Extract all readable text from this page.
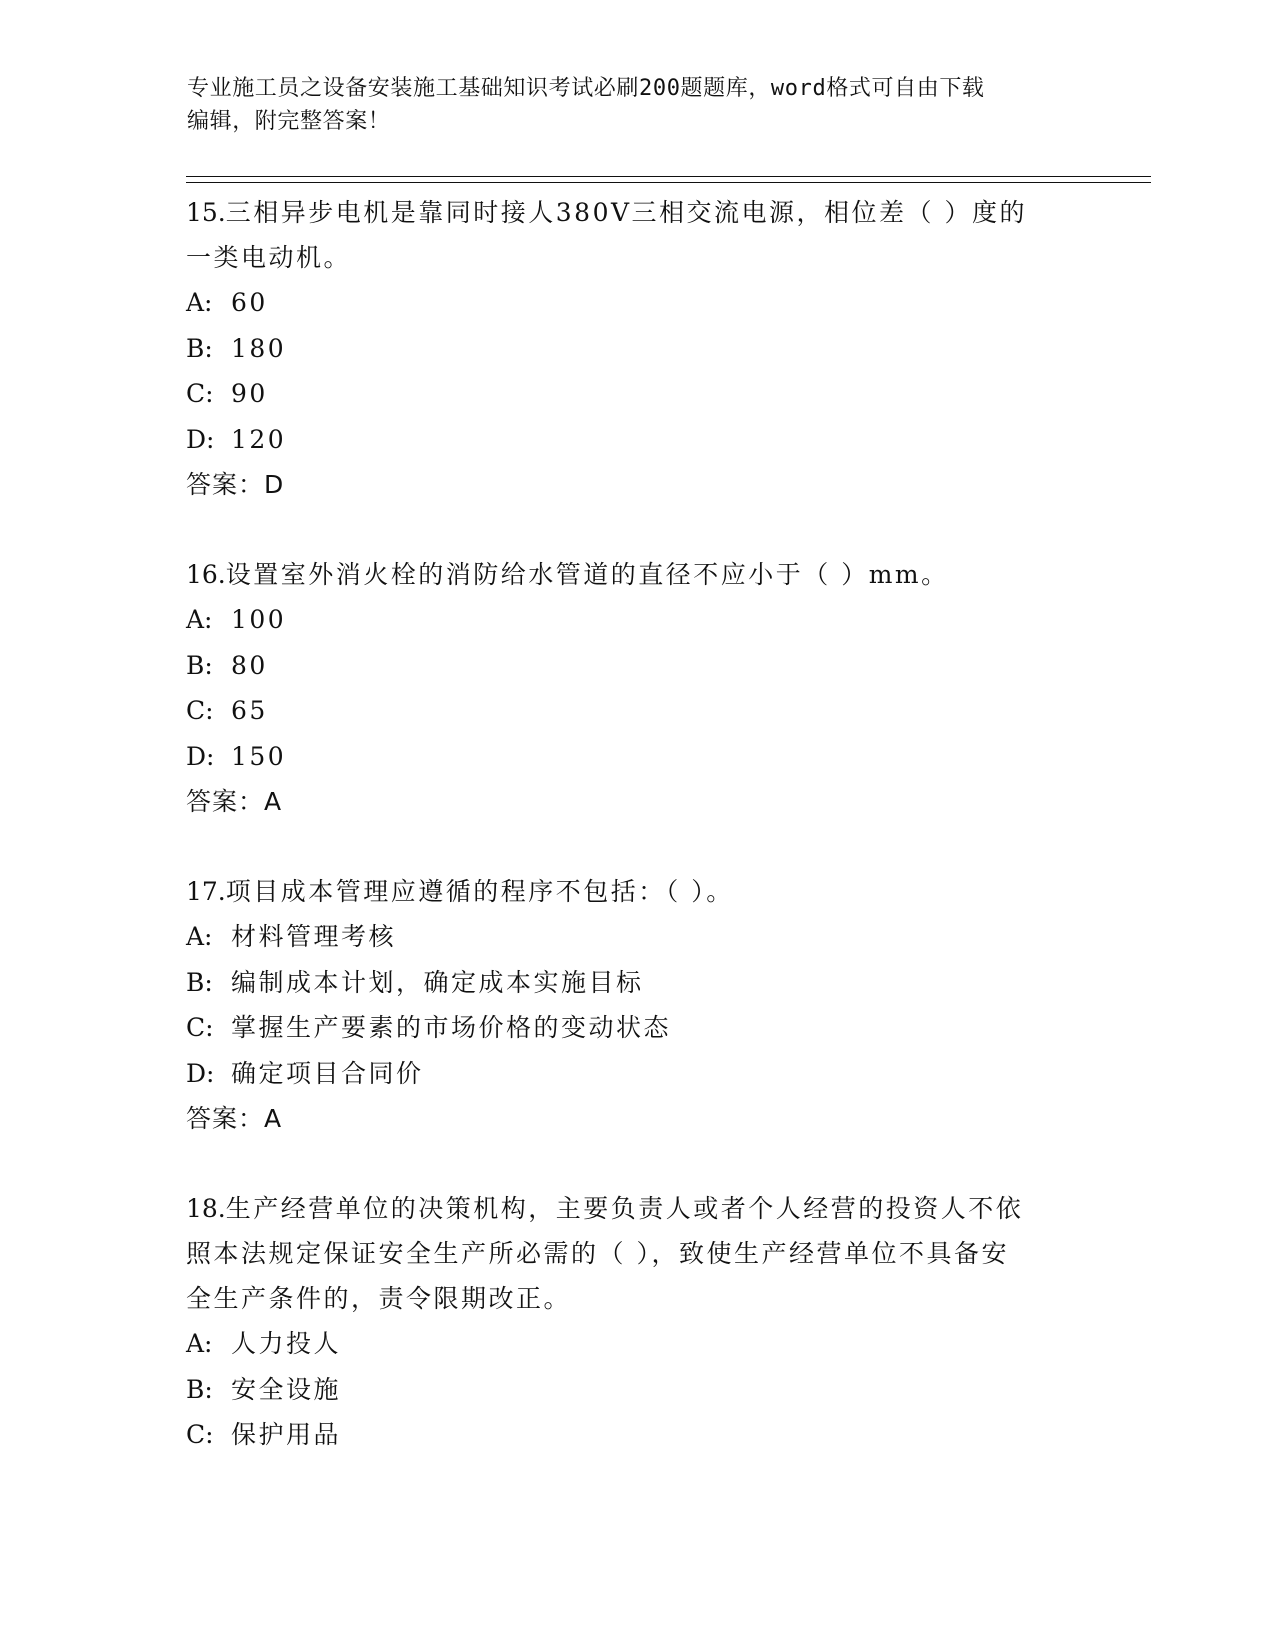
专业施工员之设备安装施工基础知识考试必刷200题题库，word格式可自由下载
编辑，附完整答案！

15.三相异步电机是靠同时接人380V三相交流电源，相位差（ ）度的

一类电动机。

A: 60
B: 180
C: 90
D: 120

答案：D

16.设置室外消火栓的消防给水管道的直径不应小于（ ）mm。

A: 100
B: 80
C: 65
D: 150

答案：A

17.项目成本管理应遵循的程序不包括：（ ）。

A: 材料管理考核
B: 编制成本计划，确定成本实施目标
C: 掌握生产要素的市场价格的变动状态
D: 确定项目合同价

答案：A

18.生产经营单位的决策机构，主要负责人或者个人经营的投资人不依

照本法规定保证安全生产所必需的（ ），致使生产经营单位不具备安

全生产条件的，责令限期改正。

A: 人力投人
B: 安全设施
C: 保护用品
